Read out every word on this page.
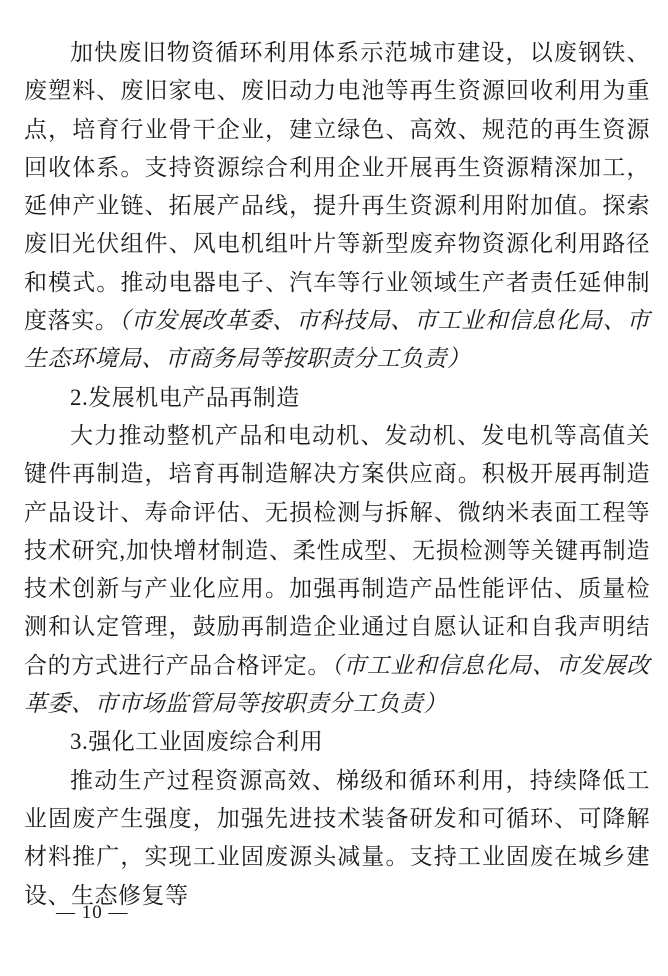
加快废旧物资循环利用体系示范城市建设，以废钢铁、废塑料、废旧家电、废旧动力电池等再生资源回收利用为重点，培育行业骨干企业，建立绿色、高效、规范的再生资源回收体系。支持资源综合利用企业开展再生资源精深加工，延伸产业链、拓展产品线，提升再生资源利用附加值。探索废旧光伏组件、风电机组叶片等新型废弃物资源化利用路径和模式。推动电器电子、汽车等行业领域生产者责任延伸制度落实。（市发展改革委、市科技局、市工业和信息化局、市生态环境局、市商务局等按职责分工负责）

2.发展机电产品再制造

大力推动整机产品和电动机、发动机、发电机等高值关键件再制造，培育再制造解决方案供应商。积极开展再制造产品设计、寿命评估、无损检测与拆解、微纳米表面工程等技术研究,加快增材制造、柔性成型、无损检测等关键再制造技术创新与产业化应用。加强再制造产品性能评估、质量检测和认定管理，鼓励再制造企业通过自愿认证和自我声明结合的方式进行产品合格评定。（市工业和信息化局、市发展改革委、市市场监管局等按职责分工负责）

3.强化工业固废综合利用

推动生产过程资源高效、梯级和循环利用，持续降低工业固废产生强度，加强先进技术装备研发和可循环、可降解材料推广，实现工业固废源头减量。支持工业固废在城乡建设、生态修复等

— 10 —
